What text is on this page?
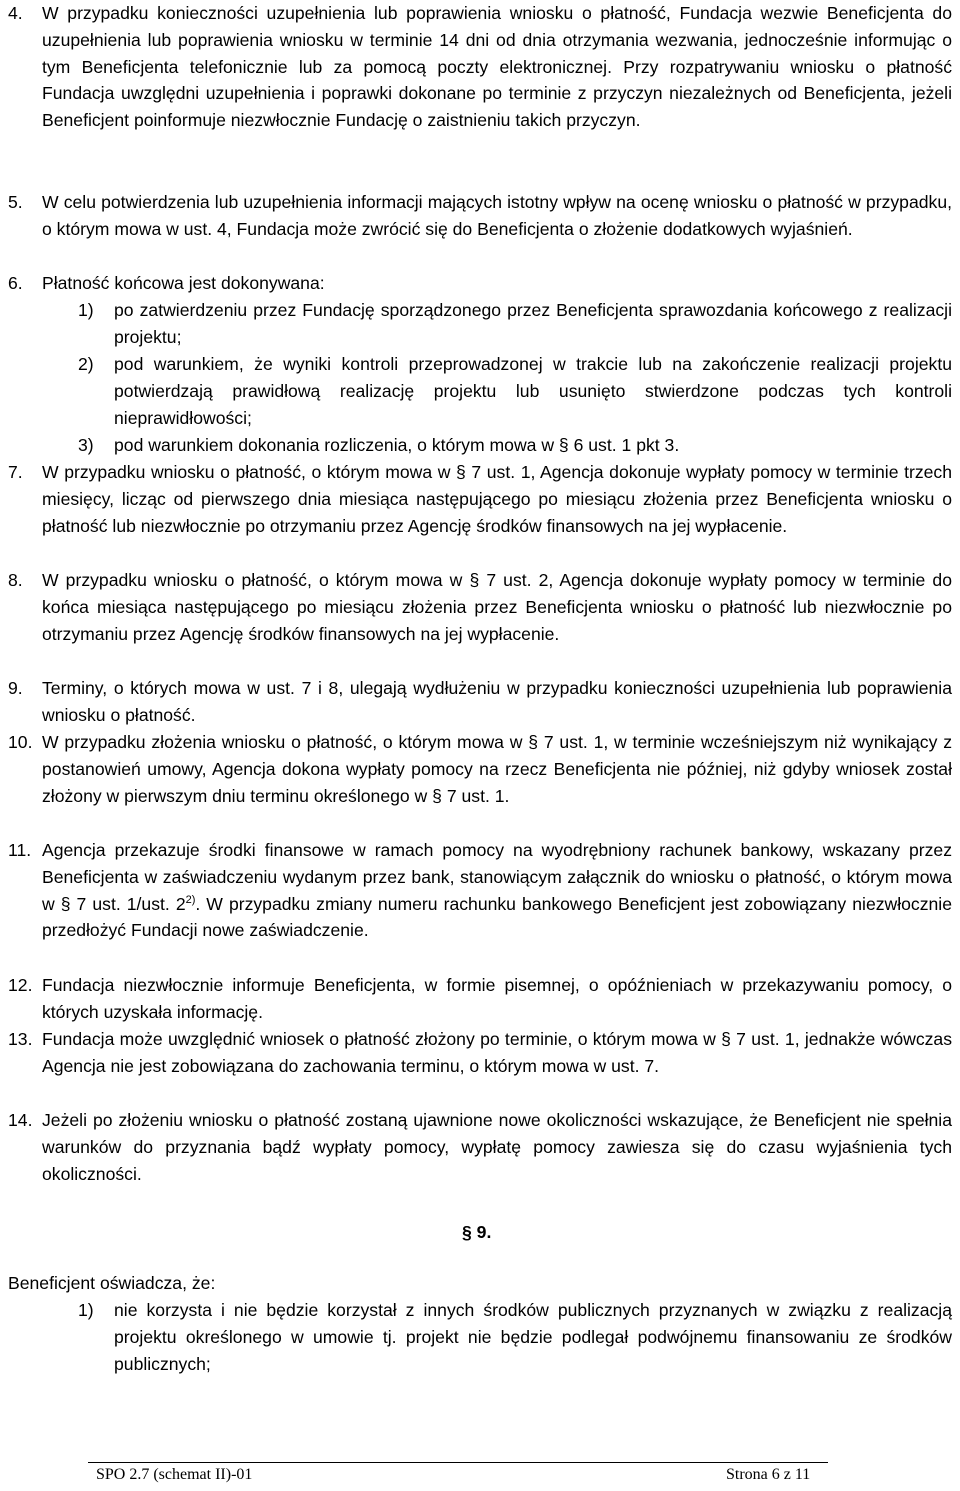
4. W przypadku konieczności uzupełnienia lub poprawienia wniosku o płatność, Fundacja wezwie Beneficjenta do uzupełnienia lub poprawienia wniosku w terminie 14 dni od dnia otrzymania wezwania, jednocześnie informując o tym Beneficjenta telefonicznie lub za pomocą poczty elektronicznej. Przy rozpatrywaniu wniosku o płatność Fundacja uwzględni uzupełnienia i poprawki dokonane po terminie z przyczyn niezależnych od Beneficjenta, jeżeli Beneficjent poinformuje niezwłocznie Fundację o zaistnieniu takich przyczyn.
5. W celu potwierdzenia lub uzupełnienia informacji mających istotny wpływ na ocenę wniosku o płatność w przypadku, o którym mowa w ust. 4, Fundacja może zwrócić się do Beneficjenta o złożenie dodatkowych wyjaśnień.
6. Płatność końcowa jest dokonywana:
1) po zatwierdzeniu przez Fundację sporządzonego przez Beneficjenta sprawozdania końcowego z realizacji projektu;
2) pod warunkiem, że wyniki kontroli przeprowadzonej w trakcie lub na zakończenie realizacji projektu potwierdzają prawidłową realizację projektu lub usunięto stwierdzone podczas tych kontroli nieprawidłowości;
3) pod warunkiem dokonania rozliczenia, o którym mowa w § 6 ust. 1 pkt 3.
7. W przypadku wniosku o płatność, o którym mowa w § 7 ust. 1, Agencja dokonuje wypłaty pomocy w terminie trzech miesięcy, licząc od pierwszego dnia miesiąca następującego po miesiącu złożenia przez Beneficjenta wniosku o płatność lub niezwłocznie po otrzymaniu przez Agencję środków finansowych na jej wypłacenie.
8. W przypadku wniosku o płatność, o którym mowa w § 7 ust. 2, Agencja dokonuje wypłaty pomocy w terminie do końca miesiąca następującego po miesiącu złożenia przez Beneficjenta wniosku o płatność lub niezwłocznie po otrzymaniu przez Agencję środków finansowych na jej wypłacenie.
9. Terminy, o których mowa w ust. 7 i 8, ulegają wydłużeniu w przypadku konieczności uzupełnienia lub poprawienia wniosku o płatność.
10. W przypadku złożenia wniosku o płatność, o którym mowa w § 7 ust. 1, w terminie wcześniejszym niż wynikający z postanowień umowy, Agencja dokona wypłaty pomocy na rzecz Beneficjenta nie później, niż gdyby wniosek został złożony w pierwszym dniu terminu określonego w § 7 ust. 1.
11. Agencja przekazuje środki finansowe w ramach pomocy na wyodrębniony rachunek bankowy, wskazany przez Beneficjenta w zaświadczeniu wydanym przez bank, stanowiącym załącznik do wniosku o płatność, o którym mowa w § 7 ust. 1/ust. 2$^{2)}$. W przypadku zmiany numeru rachunku bankowego Beneficjent jest zobowiązany niezwłocznie przedłożyć Fundacji nowe zaświadczenie.
12. Fundacja niezwłocznie informuje Beneficjenta, w formie pisemnej, o opóźnieniach w przekazywaniu pomocy, o których uzyskała informację.
13. Fundacja może uwzględnić wniosek o płatność złożony po terminie, o którym mowa w § 7 ust. 1, jednakże wówczas Agencja nie jest zobowiązana do zachowania terminu, o którym mowa w ust. 7.
14. Jeżeli po złożeniu wniosku o płatność zostaną ujawnione nowe okoliczności wskazujące, że Beneficjent nie spełnia warunków do przyznania bądź wypłaty pomocy, wypłatę pomocy zawiesza się do czasu wyjaśnienia tych okoliczności.
§ 9.
Beneficjent oświadcza, że:
1) nie korzysta i nie będzie korzystał z innych środków publicznych przyznanych w związku z realizacją projektu określonego w umowie tj. projekt nie będzie podlegał podwójnemu finansowaniu ze środków publicznych;
SPO 2.7 (schemat II)-01	Strona 6 z 11
